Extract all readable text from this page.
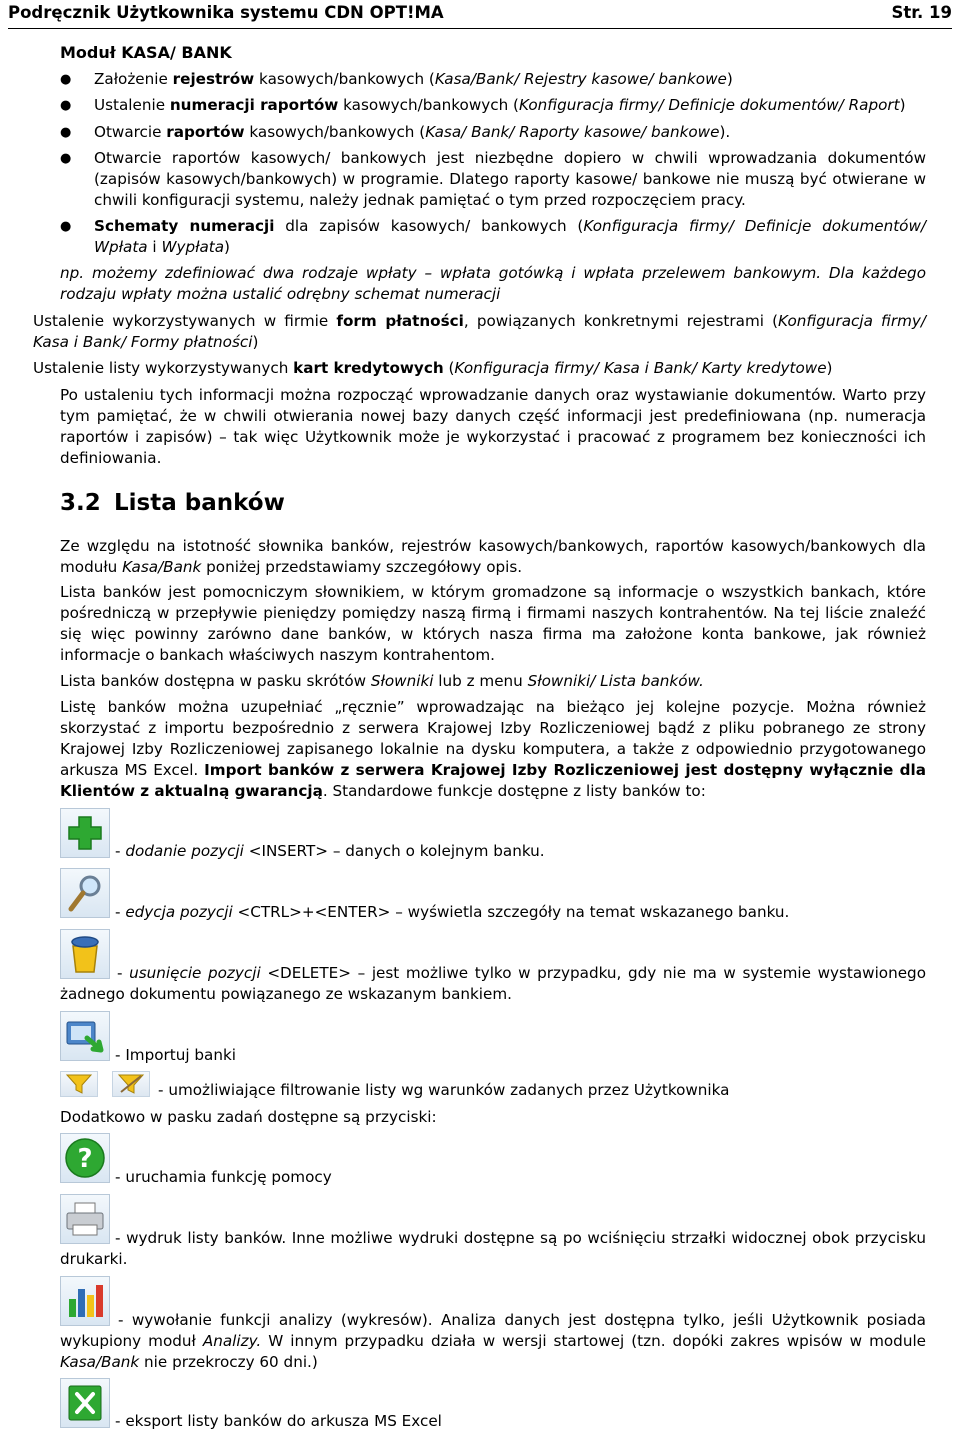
Podręcznik Użytkownika systemu CDN OPT!MA	Str. 19
Moduł KASA/ BANK
● Założenie rejestrów kasowych/bankowych (Kasa/Bank/ Rejestry kasowe/ bankowe)
● Ustalenie numeracji raportów kasowych/bankowych (Konfiguracja firmy/ Definicje dokumentów/ Raport)
● Otwarcie raportów kasowych/bankowych (Kasa/ Bank/ Raporty kasowe/ bankowe).
● Otwarcie raportów kasowych/ bankowych jest niezbędne dopiero w chwili wprowadzania dokumentów (zapisów kasowych/bankowych) w programie. Dlatego raporty kasowe/ bankowe nie muszą być otwierane w chwili konfiguracji systemu, należy jednak pamiętać o tym przed rozpoczęciem pracy.
● Schematy numeracji dla zapisów kasowych/ bankowych (Konfiguracja firmy/ Definicje dokumentów/ Wpłata i Wypłata)
np. możemy zdefiniować dwa rodzaje wpłaty – wpłata gotówką i wpłata przelewem bankowym. Dla każdego rodzaju wpłaty można ustalić odrębny schemat numeracji
Ustalenie wykorzystywanych w firmie form płatności, powiązanych konkretnymi rejestrami (Konfiguracja firmy/ Kasa i Bank/ Formy płatności)
Ustalenie listy wykorzystywanych kart kredytowych (Konfiguracja firmy/ Kasa i Bank/ Karty kredytowe)
Po ustaleniu tych informacji można rozpocząć wprowadzanie danych oraz wystawianie dokumentów. Warto przy tym pamiętać, że w chwili otwierania nowej bazy danych część informacji jest predefiniowana (np. numeracja raportów i zapisów) – tak więc Użytkownik może je wykorzystać i pracować z programem bez konieczności ich definiowania.
3.2 Lista banków
Ze względu na istotność słownika banków, rejestrów kasowych/bankowych, raportów kasowych/bankowych dla modułu Kasa/Bank poniżej przedstawiamy szczegółowy opis.
Lista banków jest pomocniczym słownikiem, w którym gromadzone są informacje o wszystkich bankach, które pośredniczą w przepływie pieniędzy pomiędzy naszą firmą i firmami naszych kontrahentów. Na tej liście znaleźć się więc powinny zarówno dane banków, w których nasza firma ma założone konta bankowe, jak również informacje o bankach właściwych naszym kontrahentom.
Lista banków dostępna w pasku skrótów Słowniki lub z menu Słowniki/ Lista banków.
Listę banków można uzupełniać „ręcznie” wprowadzając na bieżąco jej kolejne pozycje. Można również skorzystać z importu bezpośrednio z serwera Krajowej Izby Rozliczeniowej bądź z pliku pobranego ze strony Krajowej Izby Rozliczeniowej zapisanego lokalnie na dysku komputera, a także z odpowiednio przygotowanego arkusza MS Excel. Import banków z serwera Krajowej Izby Rozliczeniowej jest dostępny wyłącznie dla Klientów z aktualną gwarancją. Standardowe funkcje dostępne z listy banków to:
- dodanie pozycji <INSERT> – danych o kolejnym banku.
- edycja pozycji <CTRL>+<ENTER> – wyświetla szczegóły na temat wskazanego banku.
- usunięcie pozycji <DELETE> – jest możliwe tylko w przypadku, gdy nie ma w systemie wystawionego żadnego dokumentu powiązanego ze wskazanym bankiem.
- Importuj banki
- umożliwiające filtrowanie listy wg warunków zadanych przez Użytkownika
Dodatkowo w pasku zadań dostępne są przyciski:
?
- uruchamia funkcję pomocy
- wydruk listy banków. Inne możliwe wydruki dostępne są po wciśnięciu strzałki widocznej obok przycisku drukarki.
- wywołanie funkcji analizy (wykresów). Analiza danych jest dostępna tylko, jeśli Użytkownik posiada wykupiony moduł Analizy. W innym przypadku działa w wersji startowej (tzn. dopóki zakres wpisów w module Kasa/Bank nie przekroczy 60 dni.)
- eksport listy banków do arkusza MS Excel
